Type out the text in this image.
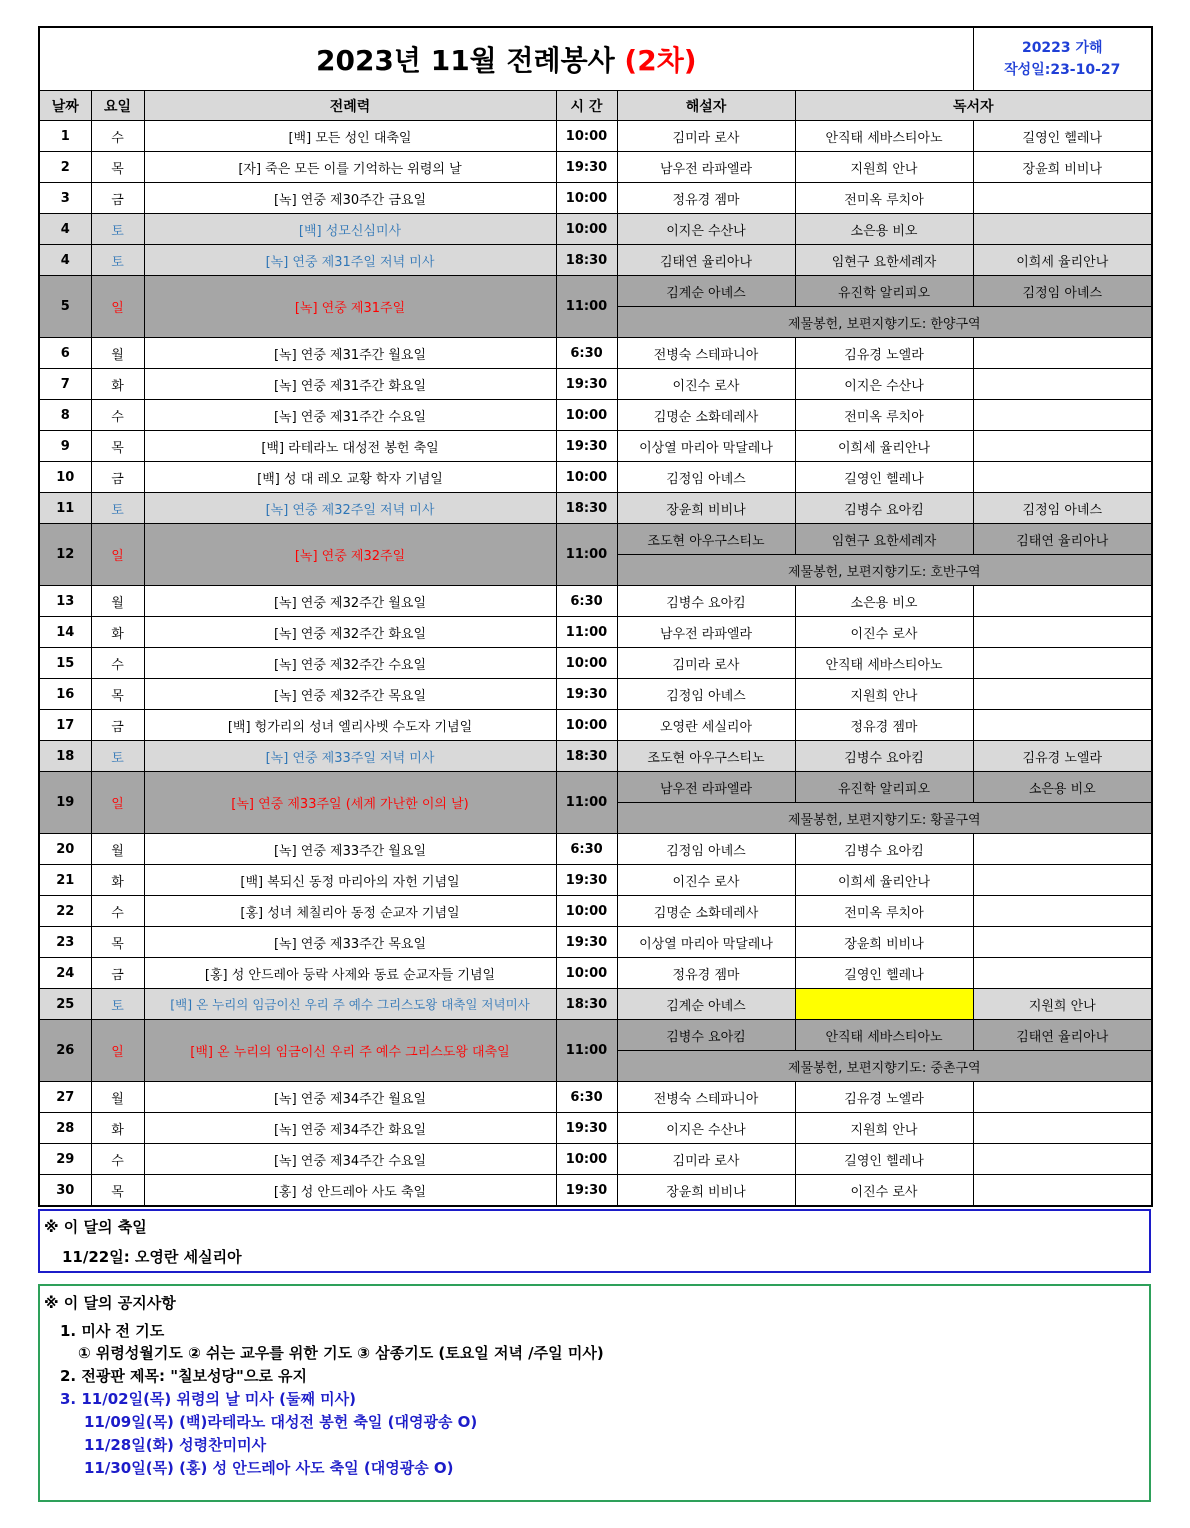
2023년 11월 전례봉사 (2차)						20223 가해
작성일:23-10-27

날짜	요일	전례력	시 간	해설자	독서자	
1	수	[백] 모든 성인 대축일	10:00	김미라 로사	안직태 세바스티아노	길영인 헬레나
2	목	[자] 죽은 모든 이를 기억하는 위령의 날	19:30	남우전 라파엘라	지원희 안나	장윤희 비비나
3	금	[녹] 연중 제30주간 금요일	10:00	정유경 젬마	전미옥 루치아	
4	토	[백] 성모신심미사	10:00	이지은 수산나	소은용 비오	
4	토	[녹] 연중 제31주일 저녁 미사	18:30	김태연 율리아나	임현구 요한세례자	이희세 율리안나
5	일	[녹] 연중 제31주일	11:00	김계순 아녜스	유진학 알리피오	김정임 아녜스
				제물봉헌, 보편지향기도: 한양구역		
6	월	[녹] 연중 제31주간 월요일	6:30	전병숙 스테파니아	김유경 노엘라	
7	화	[녹] 연중 제31주간 화요일	19:30	이진수 로사	이지은 수산나	
8	수	[녹] 연중 제31주간 수요일	10:00	김명순 소화데레사	전미옥 루치아	
9	목	[백] 라테라노 대성전 봉헌 축일	19:30	이상열 마리아 막달레나	이희세 율리안나	
10	금	[백] 성 대 레오 교황 학자 기념일	10:00	김정임 아녜스	길영인 헬레나	
11	토	[녹] 연중 제32주일 저녁 미사	18:30	장윤희 비비나	김병수 요아킴	김정임 아녜스
12	일	[녹] 연중 제32주일	11:00	조도현 아우구스티노	임현구 요한세례자	김태연 율리아나
				제물봉헌, 보편지향기도: 호반구역		
13	월	[녹] 연중 제32주간 월요일	6:30	김병수 요아킴	소은용 비오	
14	화	[녹] 연중 제32주간 화요일	11:00	남우전 라파엘라	이진수 로사	
15	수	[녹] 연중 제32주간 수요일	10:00	김미라 로사	안직태 세바스티아노	
16	목	[녹] 연중 제32주간 목요일	19:30	김정임 아녜스	지원희 안나	
17	금	[백] 헝가리의 성녀 엘리사벳 수도자 기념일	10:00	오영란 세실리아	정유경 젬마	
18	토	[녹] 연중 제33주일 저녁 미사	18:30	조도현 아우구스티노	김병수 요아킴	김유경 노엘라
19	일	[녹] 연중 제33주일 (세계 가난한 이의 날)	11:00	남우전 라파엘라	유진학 알리피오	소은용 비오
				제물봉헌, 보편지향기도: 황골구역		
20	월	[녹] 연중 제33주간 월요일	6:30	김정임 아녜스	김병수 요아킴	
21	화	[백] 복되신 동정 마리아의 자헌 기념일	19:30	이진수 로사	이희세 율리안나	
22	수	[홍] 성녀 체칠리아 동정 순교자 기념일	10:00	김명순 소화데레사	전미옥 루치아	
23	목	[녹] 연중 제33주간 목요일	19:30	이상열 마리아 막달레나	장윤희 비비나	
24	금	[홍] 성 안드레아 둥락 사제와 동료 순교자들 기념일	10:00	정유경 젬마	길영인 헬레나	
25	토	[백] 온 누리의 임금이신 우리 주 예수 그리스도왕 대축일 저녁미사	18:30	김계순 아녜스		지원희 안나
26	일	[백] 온 누리의 임금이신 우리 주 예수 그리스도왕 대축일	11:00	김병수 요아킴	안직태 세바스티아노	김태연 율리아나
				제물봉헌, 보편지향기도: 중촌구역		
27	월	[녹] 연중 제34주간 월요일	6:30	전병숙 스테파니아	김유경 노엘라	
28	화	[녹] 연중 제34주간 화요일	19:30	이지은 수산나	지원희 안나	
29	수	[녹] 연중 제34주간 수요일	10:00	김미라 로사	길영인 헬레나	
30	목	[홍] 성 안드레아 사도 축일	19:30	장윤희 비비나	이진수 로사	
※ 이 달의 축일
11/22일: 오영란 세실리아
※ 이 달의 공지사항
1. 미사 전 기도
① 위령성월기도 ② 쉬는 교우를 위한 기도 ③ 삼종기도 (토요일 저녁 /주일 미사)
2. 전광판 제목: "칠보성당"으로 유지
3. 11/02일(목) 위령의 날 미사 (둘째 미사)
11/09일(목) (백)라테라노 대성전 봉헌 축일 (대영광송 O)
11/28일(화) 성령찬미미사
11/30일(목) (홍) 성 안드레아 사도 축일 (대영광송 O)
